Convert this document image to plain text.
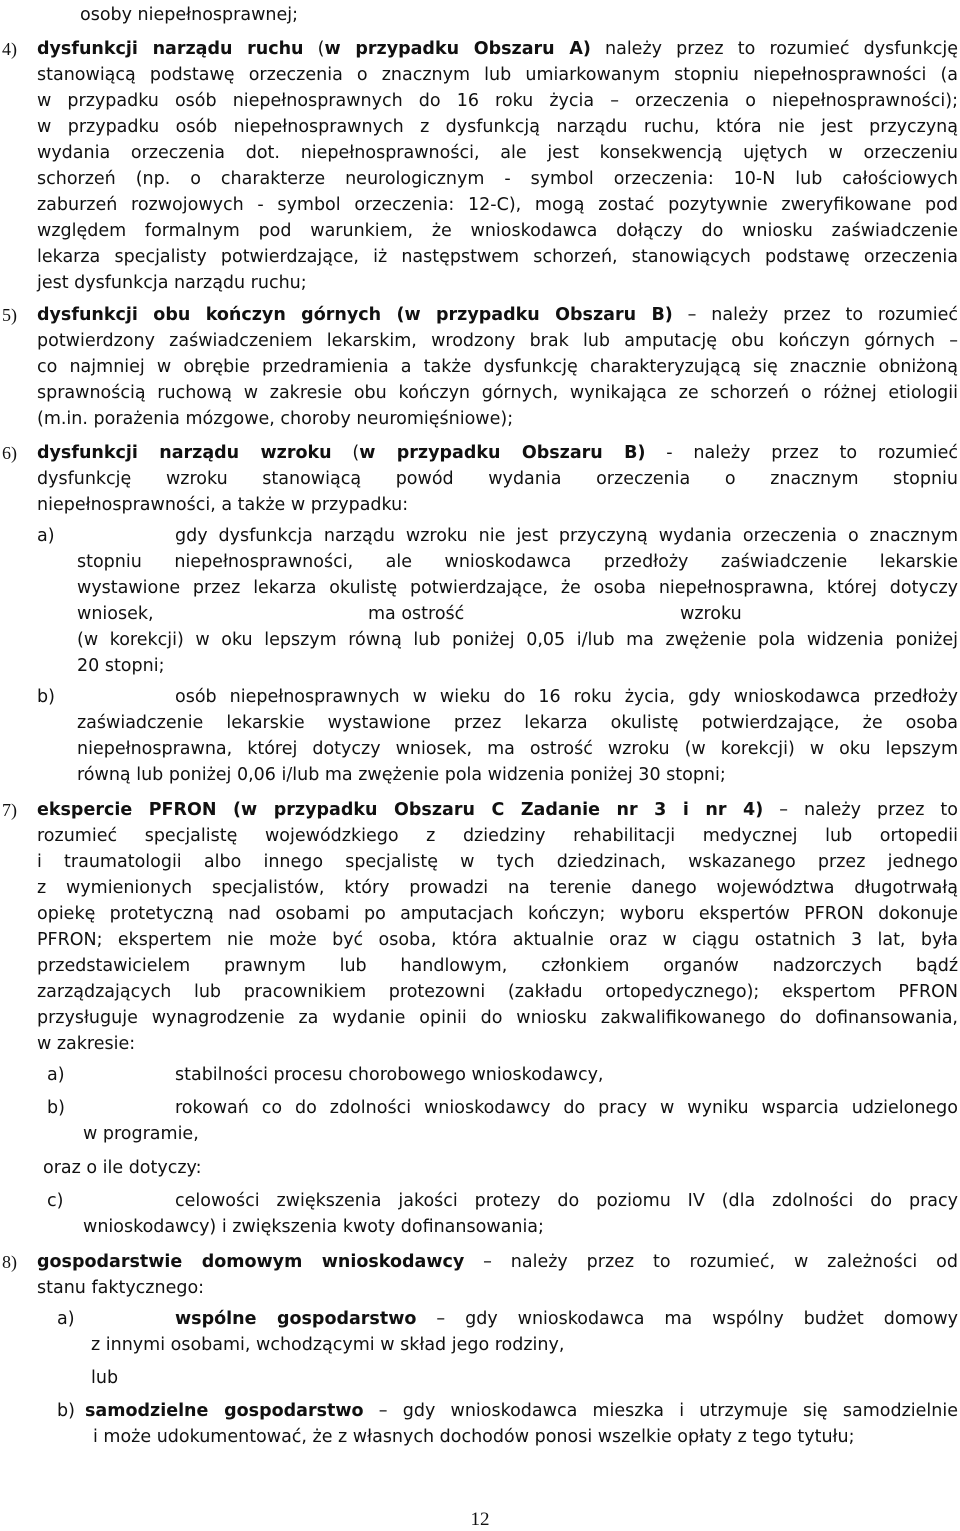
osoby niepełnosprawnej;
4) dysfunkcji narządu ruchu (w przypadku Obszaru A) należy przez to rozumieć dysfunkcję
stanowiącą podstawę orzeczenia o znacznym lub umiarkowanym stopniu niepełnosprawności (a
w przypadku osób niepełnosprawnych do 16 roku życia – orzeczenia o niepełnosprawności);
w przypadku osób niepełnosprawnych z dysfunkcją narządu ruchu, która nie jest przyczyną
wydania orzeczenia dot. niepełnosprawności, ale jest konsekwencją ujętych w orzeczeniu
schorzeń (np. o charakterze neurologicznym - symbol orzeczenia: 10-N lub całościowych
zaburzeń rozwojowych - symbol orzeczenia: 12-C), mogą zostać pozytywnie zweryfikowane pod
względem formalnym pod warunkiem, że wnioskodawca dołączy do wniosku zaświadczenie
lekarza specjalisty potwierdzające, iż następstwem schorzeń, stanowiących podstawę orzeczenia
jest dysfunkcja narządu ruchu;
5) dysfunkcji obu kończyn górnych (w przypadku Obszaru B) – należy przez to rozumieć
potwierdzony zaświadczeniem lekarskim, wrodzony brak lub amputację obu kończyn górnych –
co najmniej w obrębie przedramienia a także dysfunkcję charakteryzującą się znacznie obniżoną
sprawnością ruchową w zakresie obu kończyn górnych, wynikająca ze schorzeń o różnej etiologii
(m.in. porażenia mózgowe, choroby neuromięśniowe);
6) dysfunkcji narządu wzroku (w przypadku Obszaru B) - należy przez to rozumieć
dysfunkcję wzroku stanowiącą powód wydania orzeczenia o znacznym stopniu
niepełnosprawności, a także w przypadku:
a)	gdy dysfunkcja narządu wzroku nie jest przyczyną wydania orzeczenia o znacznym
stopniu niepełnosprawności, ale wnioskodawca przedłoży zaświadczenie lekarskie
wystawione przez lekarza okulistę potwierdzające, że osoba niepełnosprawna, której dotyczy
wniosek,	ma ostrość	wzroku
(w korekcji) w oku lepszym równą lub poniżej 0,05 i/lub ma zwężenie pola widzenia poniżej
20 stopni;
b)	osób niepełnosprawnych w wieku do 16 roku życia, gdy wnioskodawca przedłoży
zaświadczenie lekarskie wystawione przez lekarza okulistę potwierdzające, że osoba
niepełnosprawna, której dotyczy wniosek, ma ostrość wzroku (w korekcji) w oku lepszym
równą lub poniżej 0,06 i/lub ma zwężenie pola widzenia poniżej 30 stopni;
7) ekspercie PFRON (w przypadku Obszaru C Zadanie nr 3 i nr 4) – należy przez to
rozumieć specjalistę wojewódzkiego z dziedziny rehabilitacji medycznej lub ortopedii
i traumatologii albo innego specjalistę w tych dziedzinach, wskazanego przez jednego
z wymienionych specjalistów, który prowadzi na terenie danego województwa długotrwałą
opiekę protetyczną nad osobami po amputacjach kończyn; wyboru ekspertów PFRON dokonuje
PFRON; ekspertem nie może być osoba, która aktualnie oraz w ciągu ostatnich 3 lat, była
przedstawicielem prawnym lub handlowym, członkiem organów nadzorczych bądź
zarządzających lub pracownikiem protezowni (zakładu ortopedycznego); ekspertom PFRON
przysługuje wynagrodzenie za wydanie opinii do wniosku zakwalifikowanego do dofinansowania,
w zakresie:
a)	stabilności procesu chorobowego wnioskodawcy,
b)	rokowań co do zdolności wnioskodawcy do pracy w wyniku wsparcia udzielonego
w programie,
oraz o ile dotyczy:
c)	celowości zwiększenia jakości protezy do poziomu IV (dla zdolności do pracy
wnioskodawcy) i zwiększenia kwoty dofinansowania;
8) gospodarstwie domowym wnioskodawcy – należy przez to rozumieć, w zależności od
stanu faktycznego:
a)	wspólne gospodarstwo – gdy wnioskodawca ma wspólny budżet domowy
z innymi osobami, wchodzącymi w skład jego rodziny,
lub
b) samodzielne gospodarstwo – gdy wnioskodawca mieszka i utrzymuje się samodzielnie
i może udokumentować, że z własnych dochodów ponosi wszelkie opłaty z tego tytułu;
12
